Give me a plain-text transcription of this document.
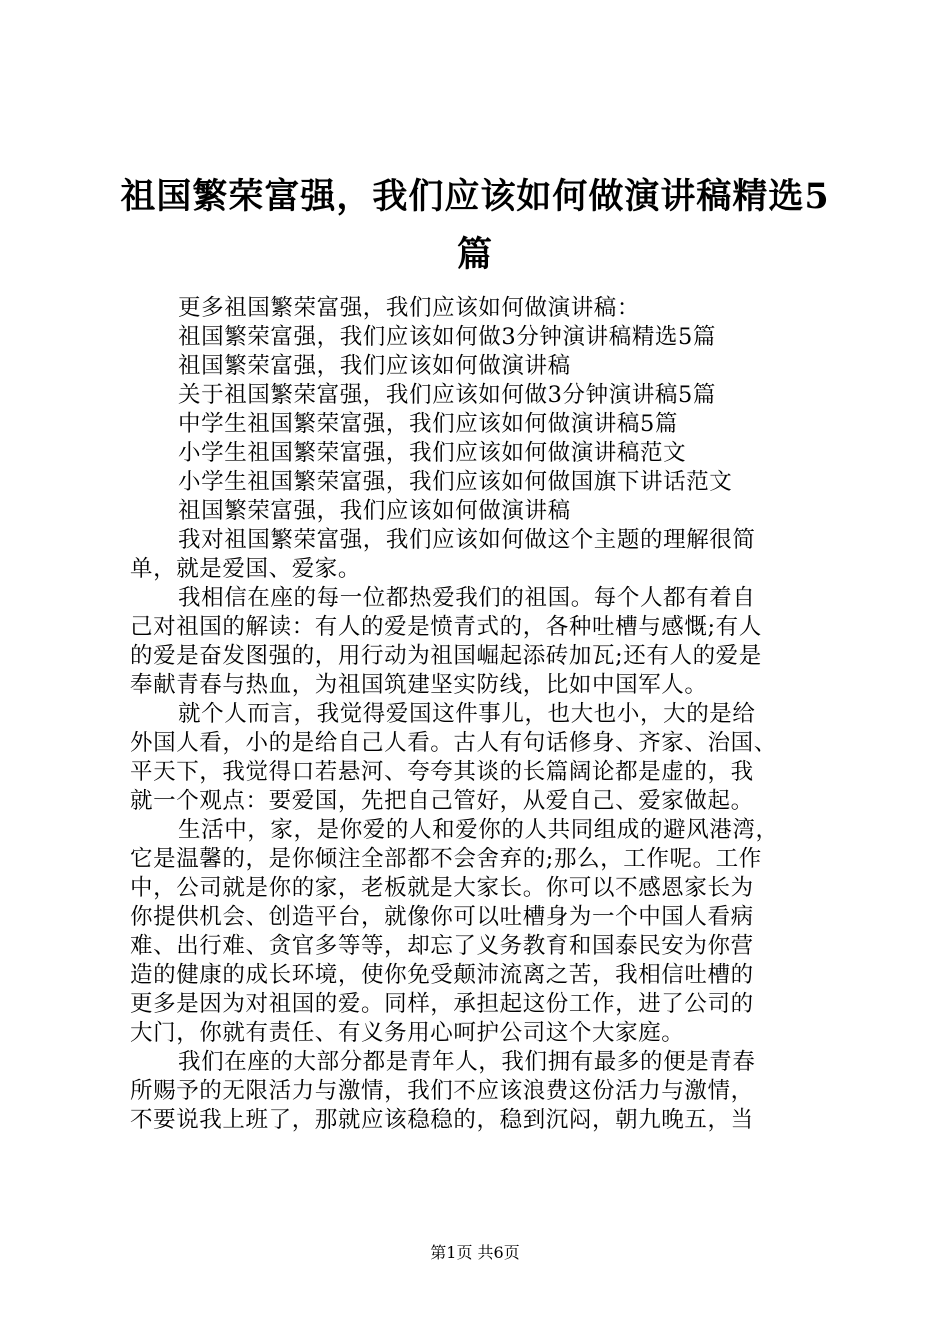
祖国繁荣富强，我们应该如何做演讲稿精选5
篇
更多祖国繁荣富强，我们应该如何做演讲稿：
祖国繁荣富强，我们应该如何做3分钟演讲稿精选5篇
祖国繁荣富强，我们应该如何做演讲稿
关于祖国繁荣富强，我们应该如何做3分钟演讲稿5篇
中学生祖国繁荣富强，我们应该如何做演讲稿5篇
小学生祖国繁荣富强，我们应该如何做演讲稿范文
小学生祖国繁荣富强，我们应该如何做国旗下讲话范文
祖国繁荣富强，我们应该如何做演讲稿
我对祖国繁荣富强，我们应该如何做这个主题的理解很简
单，就是爱国、爱家。
我相信在座的每一位都热爱我们的祖国。每个人都有着自
己对祖国的解读：有人的爱是愤青式的，各种吐槽与感慨;有人
的爱是奋发图强的，用行动为祖国崛起添砖加瓦;还有人的爱是
奉献青春与热血，为祖国筑建坚实防线，比如中国军人。
就个人而言，我觉得爱国这件事儿，也大也小，大的是给
外国人看，小的是给自己人看。古人有句话修身、齐家、治国、
平天下，我觉得口若悬河、夸夸其谈的长篇阔论都是虚的，我
就一个观点：要爱国，先把自己管好，从爱自己、爱家做起。
生活中，家，是你爱的人和爱你的人共同组成的避风港湾，
它是温馨的，是你倾注全部都不会舍弃的;那么，工作呢。工作
中，公司就是你的家，老板就是大家长。你可以不感恩家长为
你提供机会、创造平台，就像你可以吐槽身为一个中国人看病
难、出行难、贪官多等等，却忘了义务教育和国泰民安为你营
造的健康的成长环境，使你免受颠沛流离之苦，我相信吐槽的
更多是因为对祖国的爱。同样，承担起这份工作，进了公司的
大门，你就有责任、有义务用心呵护公司这个大家庭。
我们在座的大部分都是青年人，我们拥有最多的便是青春
所赐予的无限活力与激情，我们不应该浪费这份活力与激情，
不要说我上班了，那就应该稳稳的，稳到沉闷，朝九晚五，当
第1页 共6页
